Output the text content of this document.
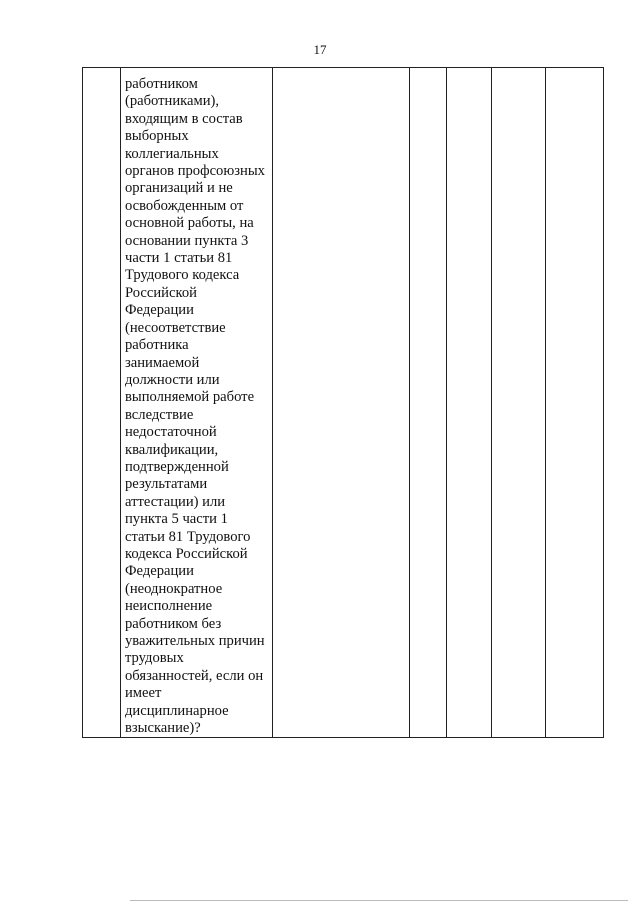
17

работником
(работниками),
входящим в состав
выборных
коллегиальных
органов профсоюзных
организаций и не
освобожденным от
основной работы, на
основании пункта 3
части 1 статьи 81
Трудового кодекса
Российской
Федерации
(несоответствие
работника
занимаемой
должности или
выполняемой работе
вследствие
недостаточной
квалификации,
подтвержденной
результатами
аттестации) или
пункта 5 части 1
статьи 81 Трудового
кодекса Российской
Федерации
(неоднократное
неисполнение
работником без
уважительных причин
трудовых
обязанностей, если он
имеет
дисциплинарное
взыскание)?
